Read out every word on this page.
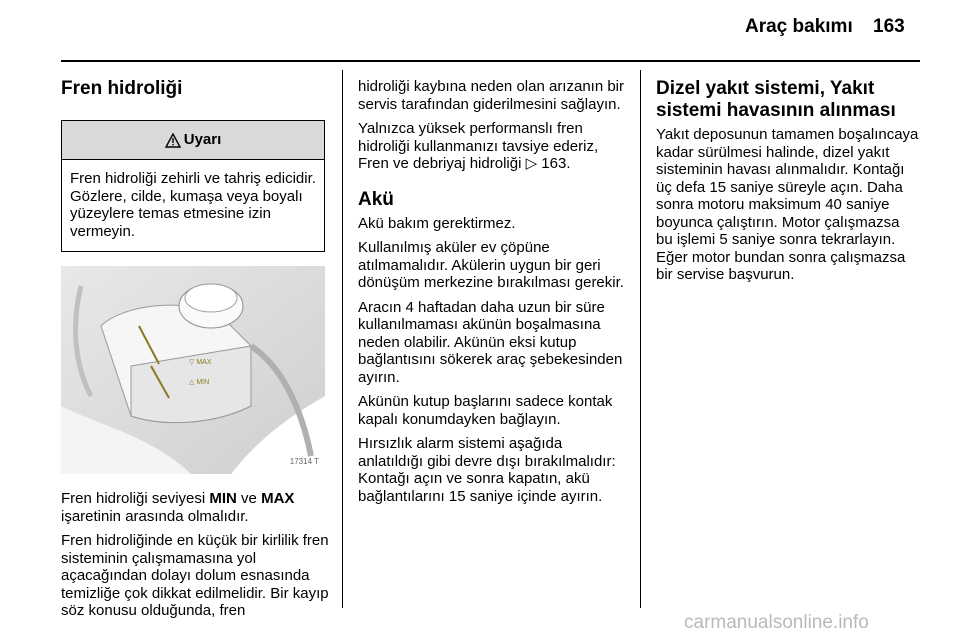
Araç bakımı 163
Fren hidroliği
Uyarı
Fren hidroliği zehirli ve tahriş edicidir. Gözlere, cilde, kumaşa veya boyalı yüzeylere temas etmesine izin vermeyin.
▽ MAX
△ MIN
17314 T

Fren hidroliği seviyesi MIN ve MAX işaretinin arasında olmalıdır.

Fren hidroliğinde en küçük bir kirlilik fren sisteminin çalışmamasına yol açacağından dolayı dolum esnasında temizliğe çok dikkat edilmelidir. Bir kayıp söz konusu olduğunda, fren

hidroliği kaybına neden olan arızanın bir servis tarafından giderilmesini sağlayın.

Yalnızca yüksek performanslı fren hidroliği kullanmanızı tavsiye ederiz, Fren ve debriyaj hidroliği ▷ 163.

Akü

Akü bakım gerektirmez.

Kullanılmış aküler ev çöpüne atılmamalıdır. Akülerin uygun bir geri dönüşüm merkezine bırakılması gerekir.

Aracın 4 haftadan daha uzun bir süre kullanılmaması akünün boşalmasına neden olabilir. Akünün eksi kutup bağlantısını sökerek araç şebekesinden ayırın.

Akünün kutup başlarını sadece kontak kapalı konumdayken bağlayın.

Hırsızlık alarm sistemi aşağıda anlatıldığı gibi devre dışı bırakılmalıdır: Kontağı açın ve sonra kapatın, akü bağlantılarını 15 saniye içinde ayırın.

Dizel yakıt sistemi, Yakıt sistemi havasının alınması

Yakıt deposunun tamamen boşalıncaya kadar sürülmesi halinde, dizel yakıt sisteminin havası alınmalıdır. Kontağı üç defa 15 saniye süreyle açın. Daha sonra motoru maksimum 40 saniye boyunca çalıştırın. Motor çalışmazsa bu işlemi 5 saniye sonra tekrarlayın. Eğer motor bundan sonra çalışmazsa bir servise başvurun.

carmanualsonline.info
